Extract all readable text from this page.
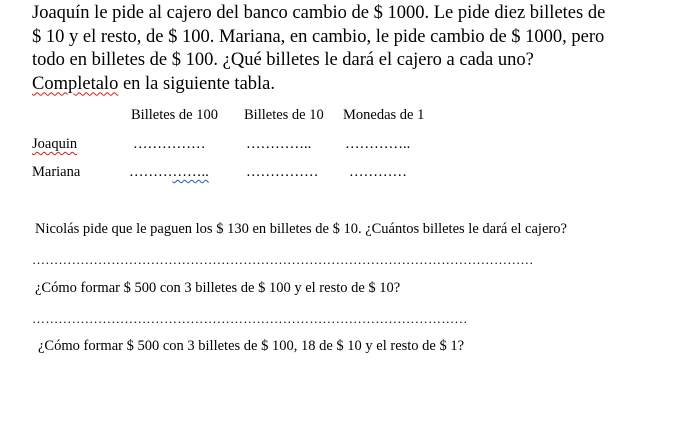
Joaquín le pide al cajero del banco cambio de $ 1000. Le pide diez billetes de
$ 10 y el resto, de $ 100. Mariana, en cambio, le pide cambio de $ 1000, pero
todo en billetes de $ 100. ¿Qué billetes le dará el cajero a cada uno?
Completalo en la siguiente tabla.
Billetes de 100 Billetes de 10 Monedas de 1
Joaquin	……………	………….. …………..
Mariana	……………..	…………… …………
Nicolás pide que le paguen los $ 130 en billetes de $ 10. ¿Cuántos billetes le dará el cajero?
……………………………………………………………………………………………………
¿Cómo formar $ 500 con 3 billetes de $ 100 y el resto de $ 10?
………………………………………………………………………………………
¿Cómo formar $ 500 con 3 billetes de $ 100, 18 de $ 10 y el resto de $ 1?
